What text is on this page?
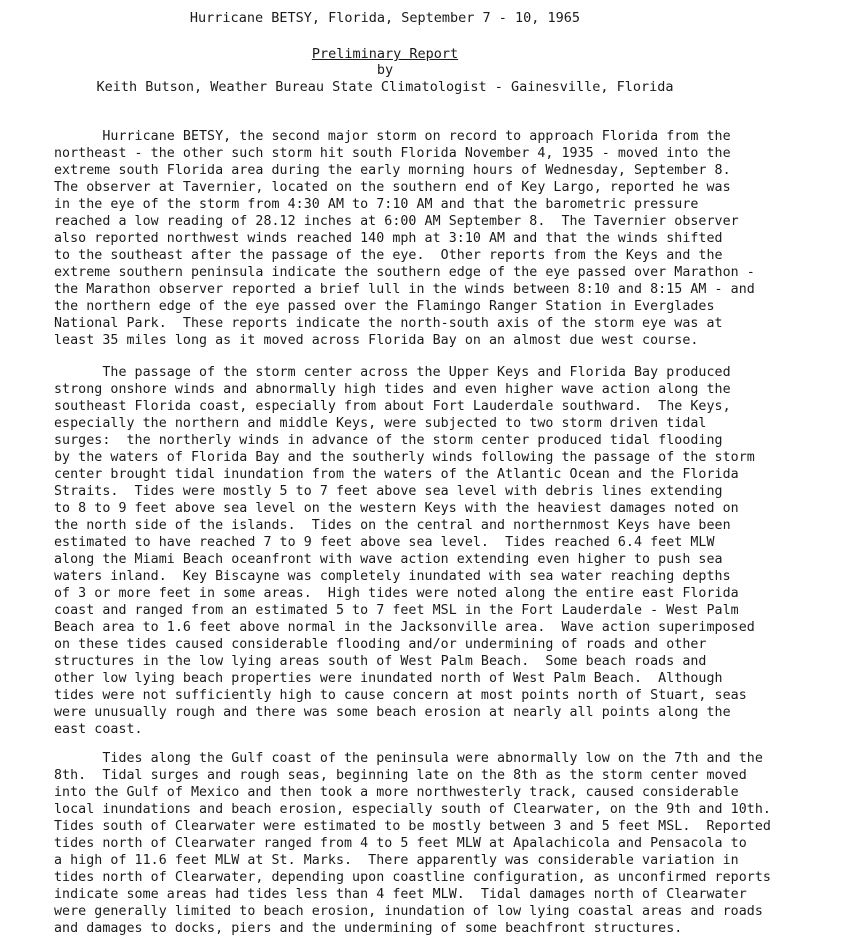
Hurricane BETSY, Florida, September 7 - 10, 1965
Preliminary Report
by
Keith Butson, Weather Bureau State Climatologist - Gainesville, Florida
Hurricane BETSY, the second major storm on record to approach Florida from the
northeast - the other such storm hit south Florida November 4, 1935 - moved into the
extreme south Florida area during the early morning hours of Wednesday, September 8.
The observer at Tavernier, located on the southern end of Key Largo, reported he was
in the eye of the storm from 4:30 AM to 7:10 AM and that the barometric pressure
reached a low reading of 28.12 inches at 6:00 AM September 8.  The Tavernier observer
also reported northwest winds reached 140 mph at 3:10 AM and that the winds shifted
to the southeast after the passage of the eye.  Other reports from the Keys and the
extreme southern peninsula indicate the southern edge of the eye passed over Marathon -
the Marathon observer reported a brief lull in the winds between 8:10 and 8:15 AM - and
the northern edge of the eye passed over the Flamingo Ranger Station in Everglades
National Park.  These reports indicate the north-south axis of the storm eye was at
least 35 miles long as it moved across Florida Bay on an almost due west course.
The passage of the storm center across the Upper Keys and Florida Bay produced
strong onshore winds and abnormally high tides and even higher wave action along the
southeast Florida coast, especially from about Fort Lauderdale southward.  The Keys,
especially the northern and middle Keys, were subjected to two storm driven tidal
surges:  the northerly winds in advance of the storm center produced tidal flooding
by the waters of Florida Bay and the southerly winds following the passage of the storm
center brought tidal inundation from the waters of the Atlantic Ocean and the Florida
Straits.  Tides were mostly 5 to 7 feet above sea level with debris lines extending
to 8 to 9 feet above sea level on the western Keys with the heaviest damages noted on
the north side of the islands.  Tides on the central and northernmost Keys have been
estimated to have reached 7 to 9 feet above sea level.  Tides reached 6.4 feet MLW
along the Miami Beach oceanfront with wave action extending even higher to push sea
waters inland.  Key Biscayne was completely inundated with sea water reaching depths
of 3 or more feet in some areas.  High tides were noted along the entire east Florida
coast and ranged from an estimated 5 to 7 feet MSL in the Fort Lauderdale - West Palm
Beach area to 1.6 feet above normal in the Jacksonville area.  Wave action superimposed
on these tides caused considerable flooding and/or undermining of roads and other
structures in the low lying areas south of West Palm Beach.  Some beach roads and
other low lying beach properties were inundated north of West Palm Beach.  Although
tides were not sufficiently high to cause concern at most points north of Stuart, seas
were unusually rough and there was some beach erosion at nearly all points along the
east coast.
Tides along the Gulf coast of the peninsula were abnormally low on the 7th and the
8th.  Tidal surges and rough seas, beginning late on the 8th as the storm center moved
into the Gulf of Mexico and then took a more northwesterly track, caused considerable
local inundations and beach erosion, especially south of Clearwater, on the 9th and 10th.
Tides south of Clearwater were estimated to be mostly between 3 and 5 feet MSL.  Reported
tides north of Clearwater ranged from 4 to 5 feet MLW at Apalachicola and Pensacola to
a high of 11.6 feet MLW at St. Marks.  There apparently was considerable variation in
tides north of Clearwater, depending upon coastline configuration, as unconfirmed reports
indicate some areas had tides less than 4 feet MLW.  Tidal damages north of Clearwater
were generally limited to beach erosion, inundation of low lying coastal areas and roads
and damages to docks, piers and the undermining of some beachfront structures.
